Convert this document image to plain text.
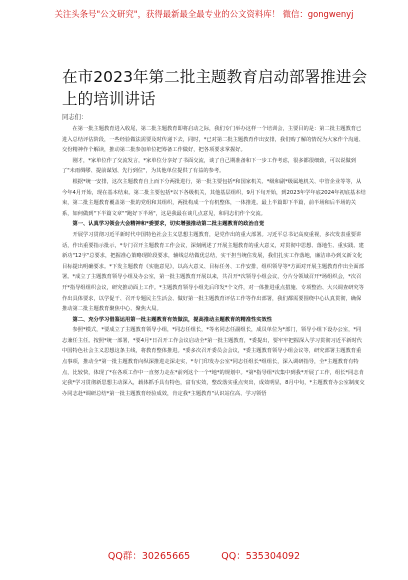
关注头条号"公文研究"，获得最新最全最专业的公文资料库！ 微信：gongwenyj
在市2023年第二批主题教育启动部署推进会上的培训讲话
同志们：

在第一批主题教育进入收尾，第二批主题教育即将启动之际，我们专门举办这样一个培训会，主要目的是：第二批主题教育已进入总结评估阶段，一些经验做法需要及时传递下去，同时，*已对第二批主题教育作出安排，我们购了解的情况为大家作个沟通、交份精神作个解读，推动第二批参加单位把筹备工作做好，把各项要求掌握好。

刚才，*家单位作了交流发言，*家单位分享好了书面交流，谈了自己期准备和下一步工作考虑，很多都很细致，可以说做到了"未雨绸缪、提前谋划、先行到位"，为其他单位提供了有益的参考。

根据*统一安排，这次主题教育自上而下分两批进行，第一批主要包括*和国家机关、*级和副*级属地机关、中管企业等等，从今年4月开始，现在基本结束。第二批主要包括*以下各级机关，其他基层组织，9月下旬开始，到2023年学年底2024年初底基本结束，第二批主题教育覆盖第一批的党组和其组织，两批构成一个有机整体，一体推进。最上半篇即下半篇，前半场和后半场的关系，如何做到"下半篇文章""跑好下半场"，这是我最在谈几点意见，和同志们作个交流。

第一、认真学习领会大会精神和*委要求，切实增强推动第二批主题教育的政治自觉

开展学习贯彻习近平新时代中国特色社会主义思想主题教育，是党作出的重大部署。习近平总书记高度重视，多次发表重要讲话，作出重要指示批示，*专门召开主题教育工作会议，深刻阐述了开展主题教育的重大意义，对贯彻中思想、落地生、重实践、建新功"12字"总要求，把握准心策略现阶段要求，辅线总结做优总结，实干担当统住发展，我们扎实工作落地，廉洁串办到义新文化目标提出明确要求。*下发主题教育《实施意见》，以高大意义、目标任务、工作安排，组织领导等*方面对开展主题教育作出全面部署。*成立了主题教育领导小组及办公室，第一批主题教育开展以来，共召开*次领导小组会议，分片分领域召开*场组织会，*次召开*指导组组织会议，研究推动面上工作。*主题教育领导小组先后印发*个文件，对一体推进重点措施、专项整治、大兴调查研究等作出具体要求，以学促干、召开专题民主生活会、做好第一批主题教育评估工作等作出部署，我们都需要围绕中心认真贯彻，确保推动第二批主题教育聚焦中心、聚焦大局。

第二、充分学习借鉴运用第一批主题教育有效做法，提高推动主题教育的精准性实效性

参照*模式，*要成立了主题教育领导小组，*同志任组长，*等名同志任副组长，成员单位为*部门，领导小组下设办公室，*同志兼任主任。按照*统一部署，*要4月*日召开工作会议启动全*第一批主题教育，*委提出，要牢牢把握深入学习贯彻习近平新时代中国特色社会主义思想这条主线，将教育整体推进。*委多次召开委员会会议，*委主题教育领导小组会议等，研究部署主题教育重点事项，推动全*第一批主题教育向纵深推进走深走实，*专门印发办公室*同志任组长*组组长，深入调研指导，全*主题教育有特点，比较快，体现了*在各项工作中一直努力走在*前列这个一个*地*的规划中。*第*指导组*次集中到我*开展了工作，组长*同志肯定我*学习贯彻新思想主动深入，载体抓手具有特色，富有实效，整改落实重点突出，成效明显，8月中旬，*主题教育办公室制度交办同志赴*调研总结*第一批主题教育经验成效，肯定我*主题教育"认识站位高、学习领悟

QQ群：30265665	QQ：535304092
